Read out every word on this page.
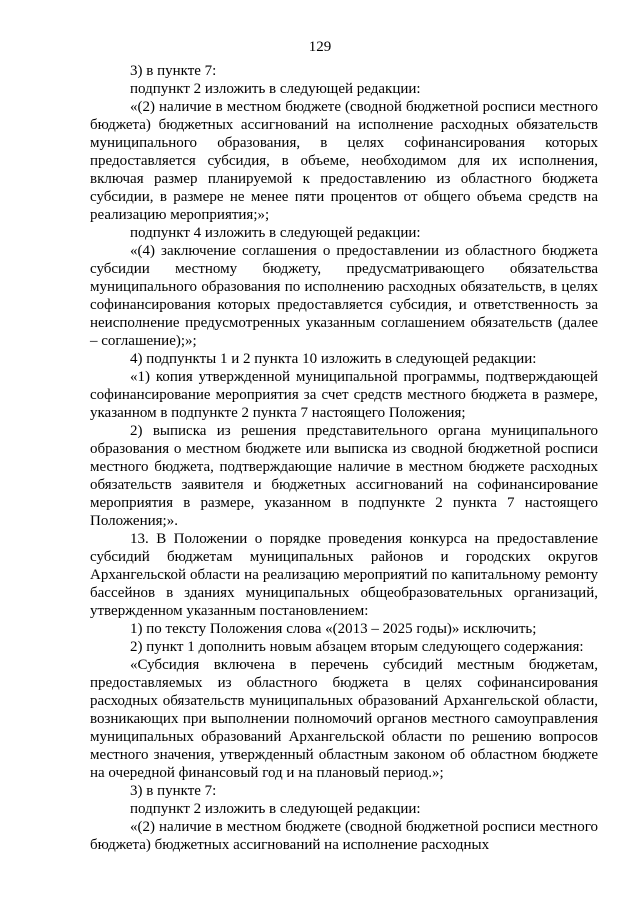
129

3) в пункте 7:

подпункт 2 изложить в следующей редакции:

«(2) наличие в местном бюджете (сводной бюджетной росписи местного бюджета) бюджетных ассигнований на исполнение расходных обязательств муниципального образования, в целях софинансирования которых предоставляется субсидия, в объеме, необходимом для их исполнения, включая размер планируемой к предоставлению из областного бюджета субсидии, в размере не менее пяти процентов от общего объема средств на реализацию мероприятия;»;

подпункт 4 изложить в следующей редакции:

«(4) заключение соглашения о предоставлении из областного бюджета субсидии местному бюджету, предусматривающего обязательства муниципального образования по исполнению расходных обязательств, в целях софинансирования которых предоставляется субсидия, и ответственность за неисполнение предусмотренных указанным соглашением обязательств (далее – соглашение);»;

4) подпункты 1 и 2 пункта 10 изложить в следующей редакции:

«1) копия утвержденной муниципальной программы, подтверждающей софинансирование мероприятия за счет средств местного бюджета в размере, указанном в подпункте 2 пункта 7 настоящего Положения;

2) выписка из решения представительного органа муниципального образования о местном бюджете или выписка из сводной бюджетной росписи местного бюджета, подтверждающие наличие в местном бюджете расходных обязательств заявителя и бюджетных ассигнований на софинансирование мероприятия в размере, указанном в подпункте 2 пункта 7 настоящего Положения;».

13. В Положении о порядке проведения конкурса на предоставление субсидий бюджетам муниципальных районов и городских округов Архангельской области на реализацию мероприятий по капитальному ремонту бассейнов в зданиях муниципальных общеобразовательных организаций, утвержденном указанным постановлением:

1) по тексту Положения слова «(2013 – 2025 годы)» исключить;

2) пункт 1 дополнить новым абзацем вторым следующего содержания:

«Субсидия включена в перечень субсидий местным бюджетам, предоставляемых из областного бюджета в целях софинансирования расходных обязательств муниципальных образований Архангельской области, возникающих при выполнении полномочий органов местного самоуправления муниципальных образований Архангельской области по решению вопросов местного значения, утвержденный областным законом об областном бюджете на очередной финансовый год и на плановый период.»;

3) в пункте 7:

подпункт 2 изложить в следующей редакции:

«(2) наличие в местном бюджете (сводной бюджетной росписи местного бюджета) бюджетных ассигнований на исполнение расходных
